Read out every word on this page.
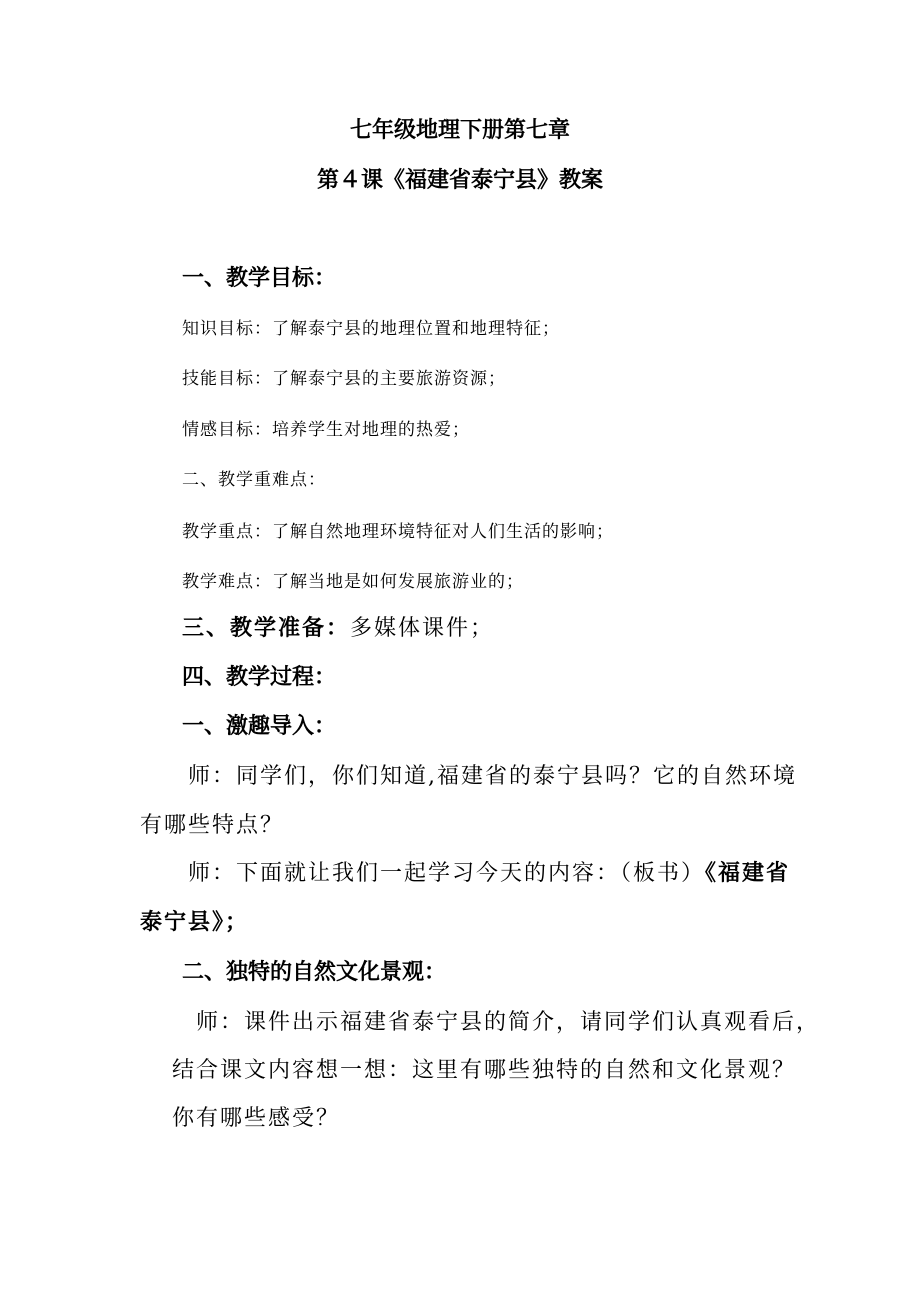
七年级地理下册第七章
第４课《福建省泰宁县》教案
一、教学目标：
知识目标：了解泰宁县的地理位置和地理特征；
技能目标：了解泰宁县的主要旅游资源；
情感目标：培养学生对地理的热爱；
二、教学重难点：
教学重点：了解自然地理环境特征对人们生活的影响；
教学难点：了解当地是如何发展旅游业的；
三、教学准备：多媒体课件；
四、教学过程：
一、激趣导入：
师：同学们，你们知道,福建省的泰宁县吗？它的自然环境
有哪些特点？
师：下面就让我们一起学习今天的内容：（板书）《福建省
泰宁县》；
二、独特的自然文化景观：
师：课件出示福建省泰宁县的简介，请同学们认真观看后，
结合课文内容想一想：这里有哪些独特的自然和文化景观？
你有哪些感受？
